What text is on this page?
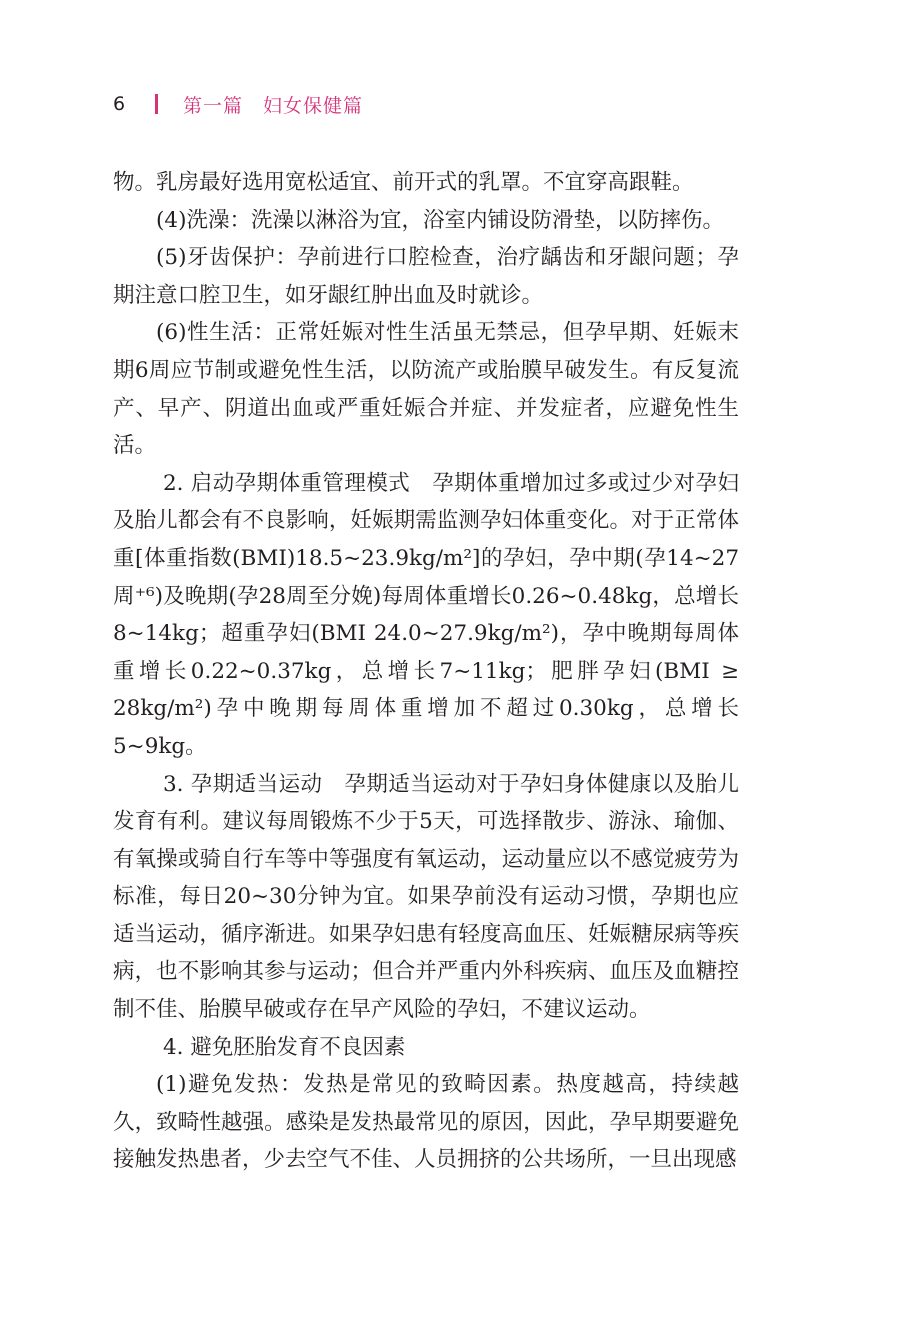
6	第一篇　妇女保健篇

物。乳房最好选用宽松适宜、前开式的乳罩。不宜穿高跟鞋。

(4)洗澡：洗澡以淋浴为宜，浴室内铺设防滑垫，以防摔伤。

(5)牙齿保护：孕前进行口腔检查，治疗龋齿和牙龈问题；孕期注意口腔卫生，如牙龈红肿出血及时就诊。

(6)性生活：正常妊娠对性生活虽无禁忌，但孕早期、妊娠末期6周应节制或避免性生活，以防流产或胎膜早破发生。有反复流产、早产、阴道出血或严重妊娠合并症、并发症者，应避免性生活。

2. 启动孕期体重管理模式　孕期体重增加过多或过少对孕妇及胎儿都会有不良影响，妊娠期需监测孕妇体重变化。对于正常体重[体重指数(BMI)18.5~23.9kg/m²]的孕妇，孕中期(孕14~27周⁺⁶)及晚期(孕28周至分娩)每周体重增长0.26~0.48kg，总增长8~14kg；超重孕妇(BMI 24.0~27.9kg/m²)，孕中晚期每周体重增长0.22~0.37kg，总增长7~11kg；肥胖孕妇(BMI ≥ 28kg/m²)孕中晚期每周体重增加不超过0.30kg，总增长5~9kg。

3. 孕期适当运动　孕期适当运动对于孕妇身体健康以及胎儿发育有利。建议每周锻炼不少于5天，可选择散步、游泳、瑜伽、有氧操或骑自行车等中等强度有氧运动，运动量应以不感觉疲劳为标准，每日20~30分钟为宜。如果孕前没有运动习惯，孕期也应适当运动，循序渐进。如果孕妇患有轻度高血压、妊娠糖尿病等疾病，也不影响其参与运动；但合并严重内外科疾病、血压及血糖控制不佳、胎膜早破或存在早产风险的孕妇，不建议运动。

4. 避免胚胎发育不良因素

(1)避免发热：发热是常见的致畸因素。热度越高，持续越久，致畸性越强。感染是发热最常见的原因，因此，孕早期要避免接触发热患者，少去空气不佳、人员拥挤的公共场所，一旦出现感
